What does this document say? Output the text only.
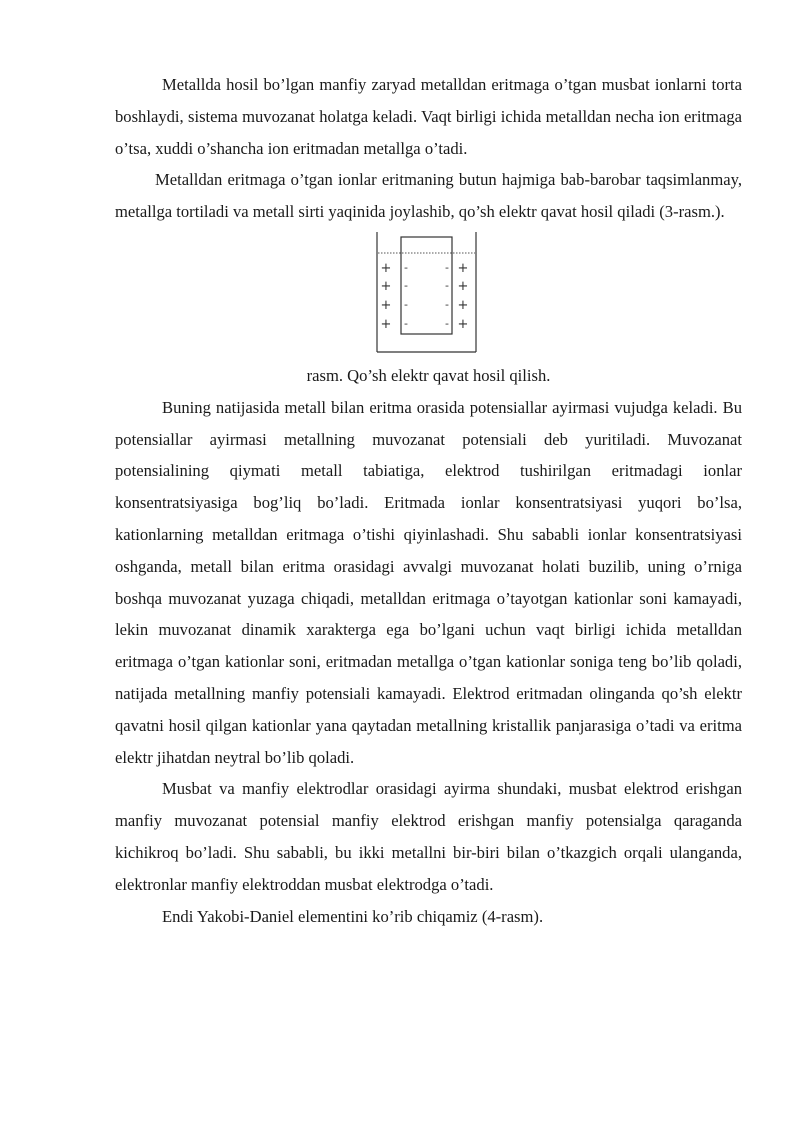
Metallda hosil bo’lgan manfiy zaryad metalldan eritmaga o’tgan musbat ionlarni torta boshlaydi, sistema muvozanat holatga keladi. Vaqt birligi ichida metalldan necha ion eritmaga o’tsa, xuddi o’shancha ion eritmadan metallga o’tadi.

Metalldan eritmaga o’tgan ionlar eritmaning butun hajmiga bab-barobar taqsimlanmay, metallga tortiladi va metall sirti yaqinida joylashib, qo’sh elektr qavat hosil qiladi (3-rasm.).

+
+
+
+
-
-
-
-
-
-
-
-
+
+
+
+

rasm. Qo’sh elektr qavat hosil qilish.

Buning natijasida metall bilan eritma orasida potensiallar ayirmasi vujudga keladi. Bu potensiallar ayirmasi metallning muvozanat potensiali deb yuritiladi. Muvozanat potensialining qiymati metall tabiatiga, elektrod tushirilgan eritmadagi ionlar konsentratsiyasiga bog’liq bo’ladi. Eritmada ionlar konsentratsiyasi yuqori bo’lsa, kationlarning metalldan eritmaga o’tishi qiyinlashadi. Shu sababli ionlar konsentratsiyasi oshganda, metall bilan eritma orasidagi avvalgi muvozanat holati buzilib, uning o’rniga boshqa muvozanat yuzaga chiqadi, metalldan eritmaga o’tayotgan kationlar soni kamayadi, lekin muvozanat dinamik xarakterga ega bo’lgani uchun vaqt birligi ichida metalldan eritmaga o’tgan kationlar soni, eritmadan metallga o’tgan kationlar soniga teng bo’lib qoladi, natijada metallning manfiy potensiali kamayadi. Elektrod eritmadan olinganda qo’sh elektr qavatni hosil qilgan kationlar yana qaytadan metallning kristallik panjarasiga o’tadi va eritma elektr jihatdan neytral bo’lib qoladi.

Musbat va manfiy elektrodlar orasidagi ayirma shundaki, musbat elektrod erishgan manfiy muvozanat potensial manfiy elektrod erishgan manfiy potensialga qaraganda kichikroq bo’ladi. Shu sababli, bu ikki metallni bir-biri bilan o’tkazgich orqali ulanganda, elektronlar manfiy elektroddan musbat elektrodga o’tadi.

Endi Yakobi-Daniel elementini ko’rib chiqamiz (4-rasm).
